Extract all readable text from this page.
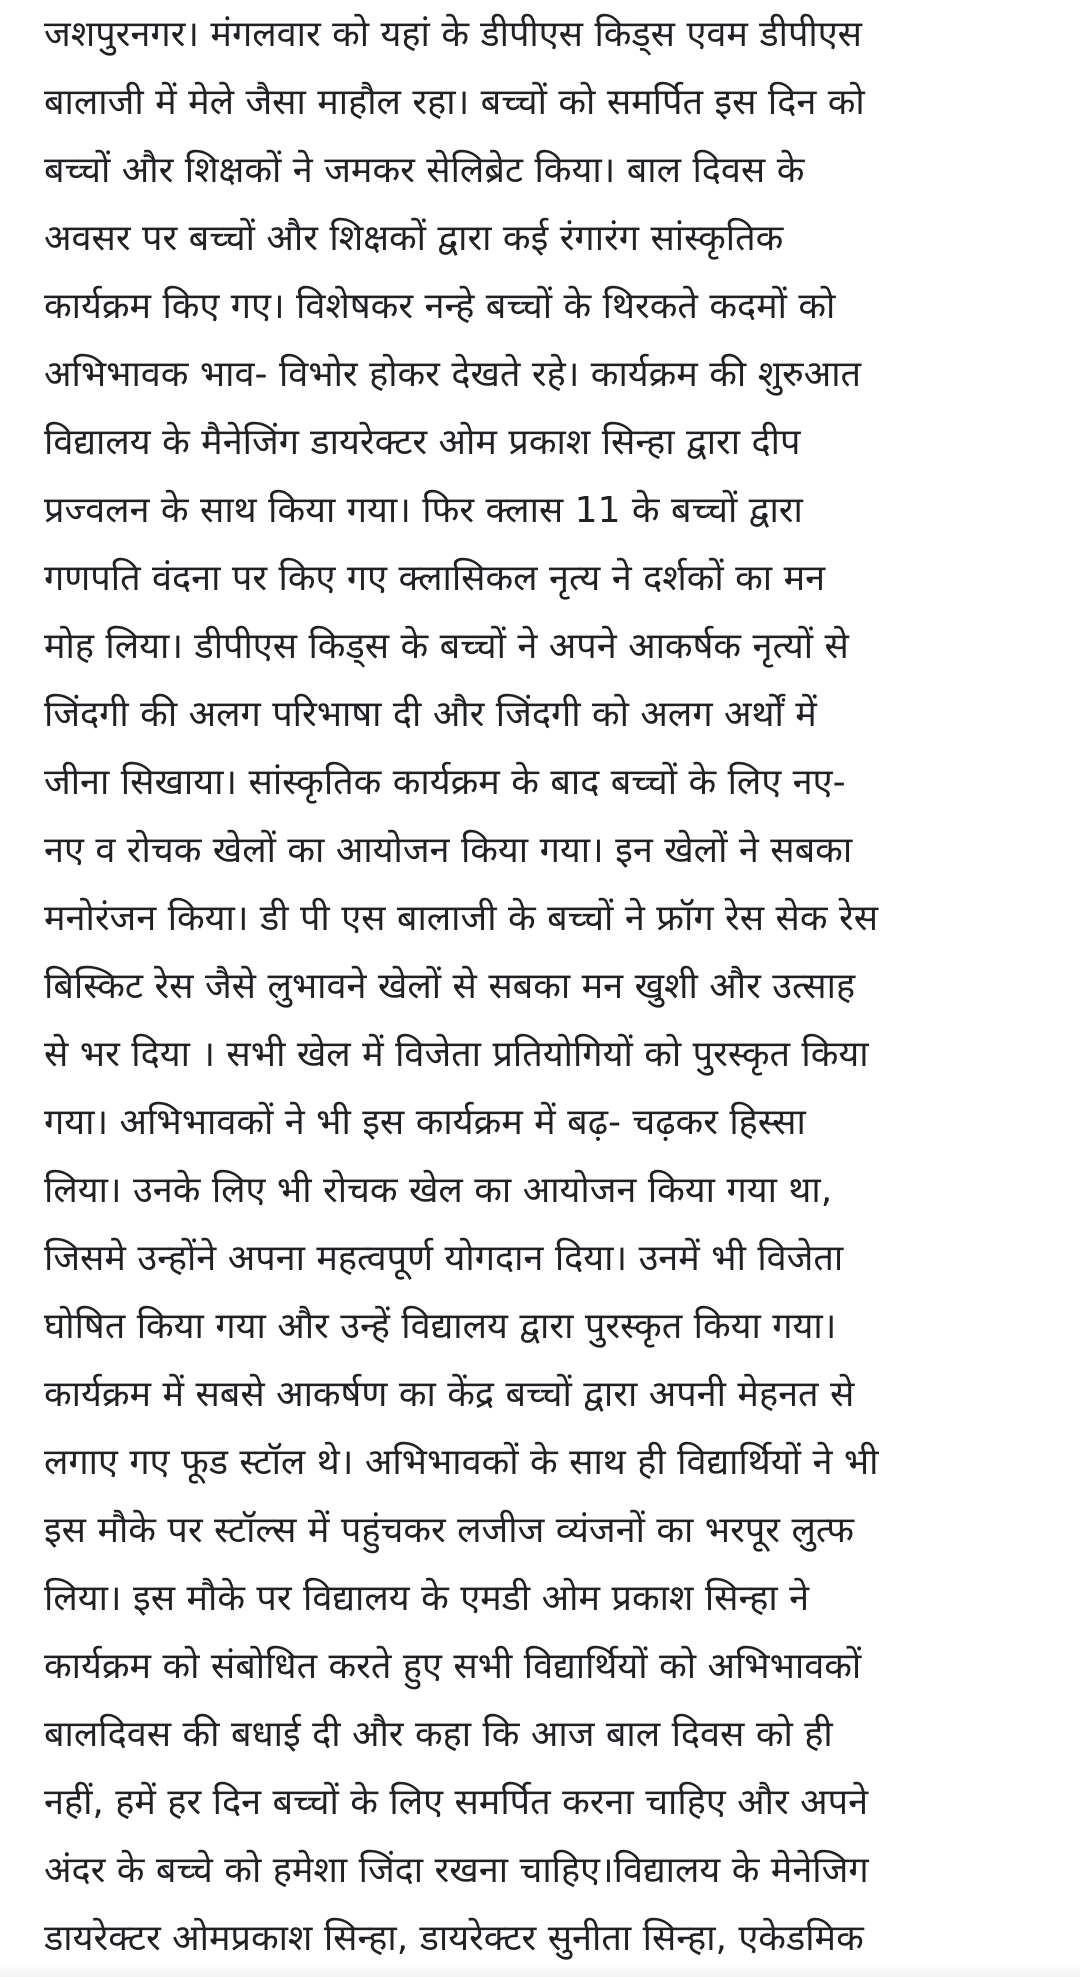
जशपुरनगर। मंगलवार को यहां के डीपीएस किड्स एवम डीपीएस
बालाजी में मेले जैसा माहौल रहा। बच्चों को समर्पित इस दिन को
बच्चों और शिक्षकों ने जमकर सेलिब्रेट किया। बाल दिवस के
अवसर पर बच्चों और शिक्षकों द्वारा कई रंगारंग सांस्कृतिक
कार्यक्रम किए गए। विशेषकर नन्हे बच्चों के थिरकते कदमों को
अभिभावक भाव- विभोर होकर देखते रहे। कार्यक्रम की शुरुआत
विद्यालय के मैनेजिंग डायरेक्टर ओम प्रकाश सिन्हा द्वारा दीप
प्रज्वलन के साथ किया गया। फिर क्लास 11 के बच्चों द्वारा
गणपति वंदना पर किए गए क्लासिकल नृत्य ने दर्शकों का मन
मोह लिया। डीपीएस किड्स के बच्चों ने अपने आकर्षक नृत्यों से
जिंदगी की अलग परिभाषा दी और जिंदगी को अलग अर्थों में
जीना सिखाया। सांस्कृतिक कार्यक्रम के बाद बच्चों के लिए नए-
नए व रोचक खेलों का आयोजन किया गया। इन खेलों ने सबका
मनोरंजन किया। डी पी एस बालाजी के बच्चों ने फ्रॉग रेस सेक रेस
बिस्किट रेस जैसे लुभावने खेलों से सबका मन खुशी और उत्साह
से भर दिया । सभी खेल में विजेता प्रतियोगियों को पुरस्कृत किया
गया। अभिभावकों ने भी इस कार्यक्रम में बढ़- चढ़कर हिस्सा
लिया। उनके लिए भी रोचक खेल का आयोजन किया गया था,
जिसमे उन्होंने अपना महत्वपूर्ण योगदान दिया। उनमें भी विजेता
घोषित किया गया और उन्हें विद्यालय द्वारा पुरस्कृत किया गया।
कार्यक्रम में सबसे आकर्षण का केंद्र बच्चों द्वारा अपनी मेहनत से
लगाए गए फूड स्टॉल थे। अभिभावकों के साथ ही विद्यार्थियों ने भी
इस मौके पर स्टॉल्स में पहुंचकर लजीज व्यंजनों का भरपूर लुत्फ
लिया। इस मौके पर विद्यालय के एमडी ओम प्रकाश सिन्हा ने
कार्यक्रम को संबोधित करते हुए सभी विद्यार्थियों को अभिभावकों
बालदिवस की बधाई दी और कहा कि आज बाल दिवस को ही
नहीं, हमें हर दिन बच्चों के लिए समर्पित करना चाहिए और अपने
अंदर के बच्चे को हमेशा जिंदा रखना चाहिए।विद्यालय के मेनेजिग
डायरेक्टर ओमप्रकाश सिन्हा, डायरेक्टर सुनीता सिन्हा, एकेडमिक
